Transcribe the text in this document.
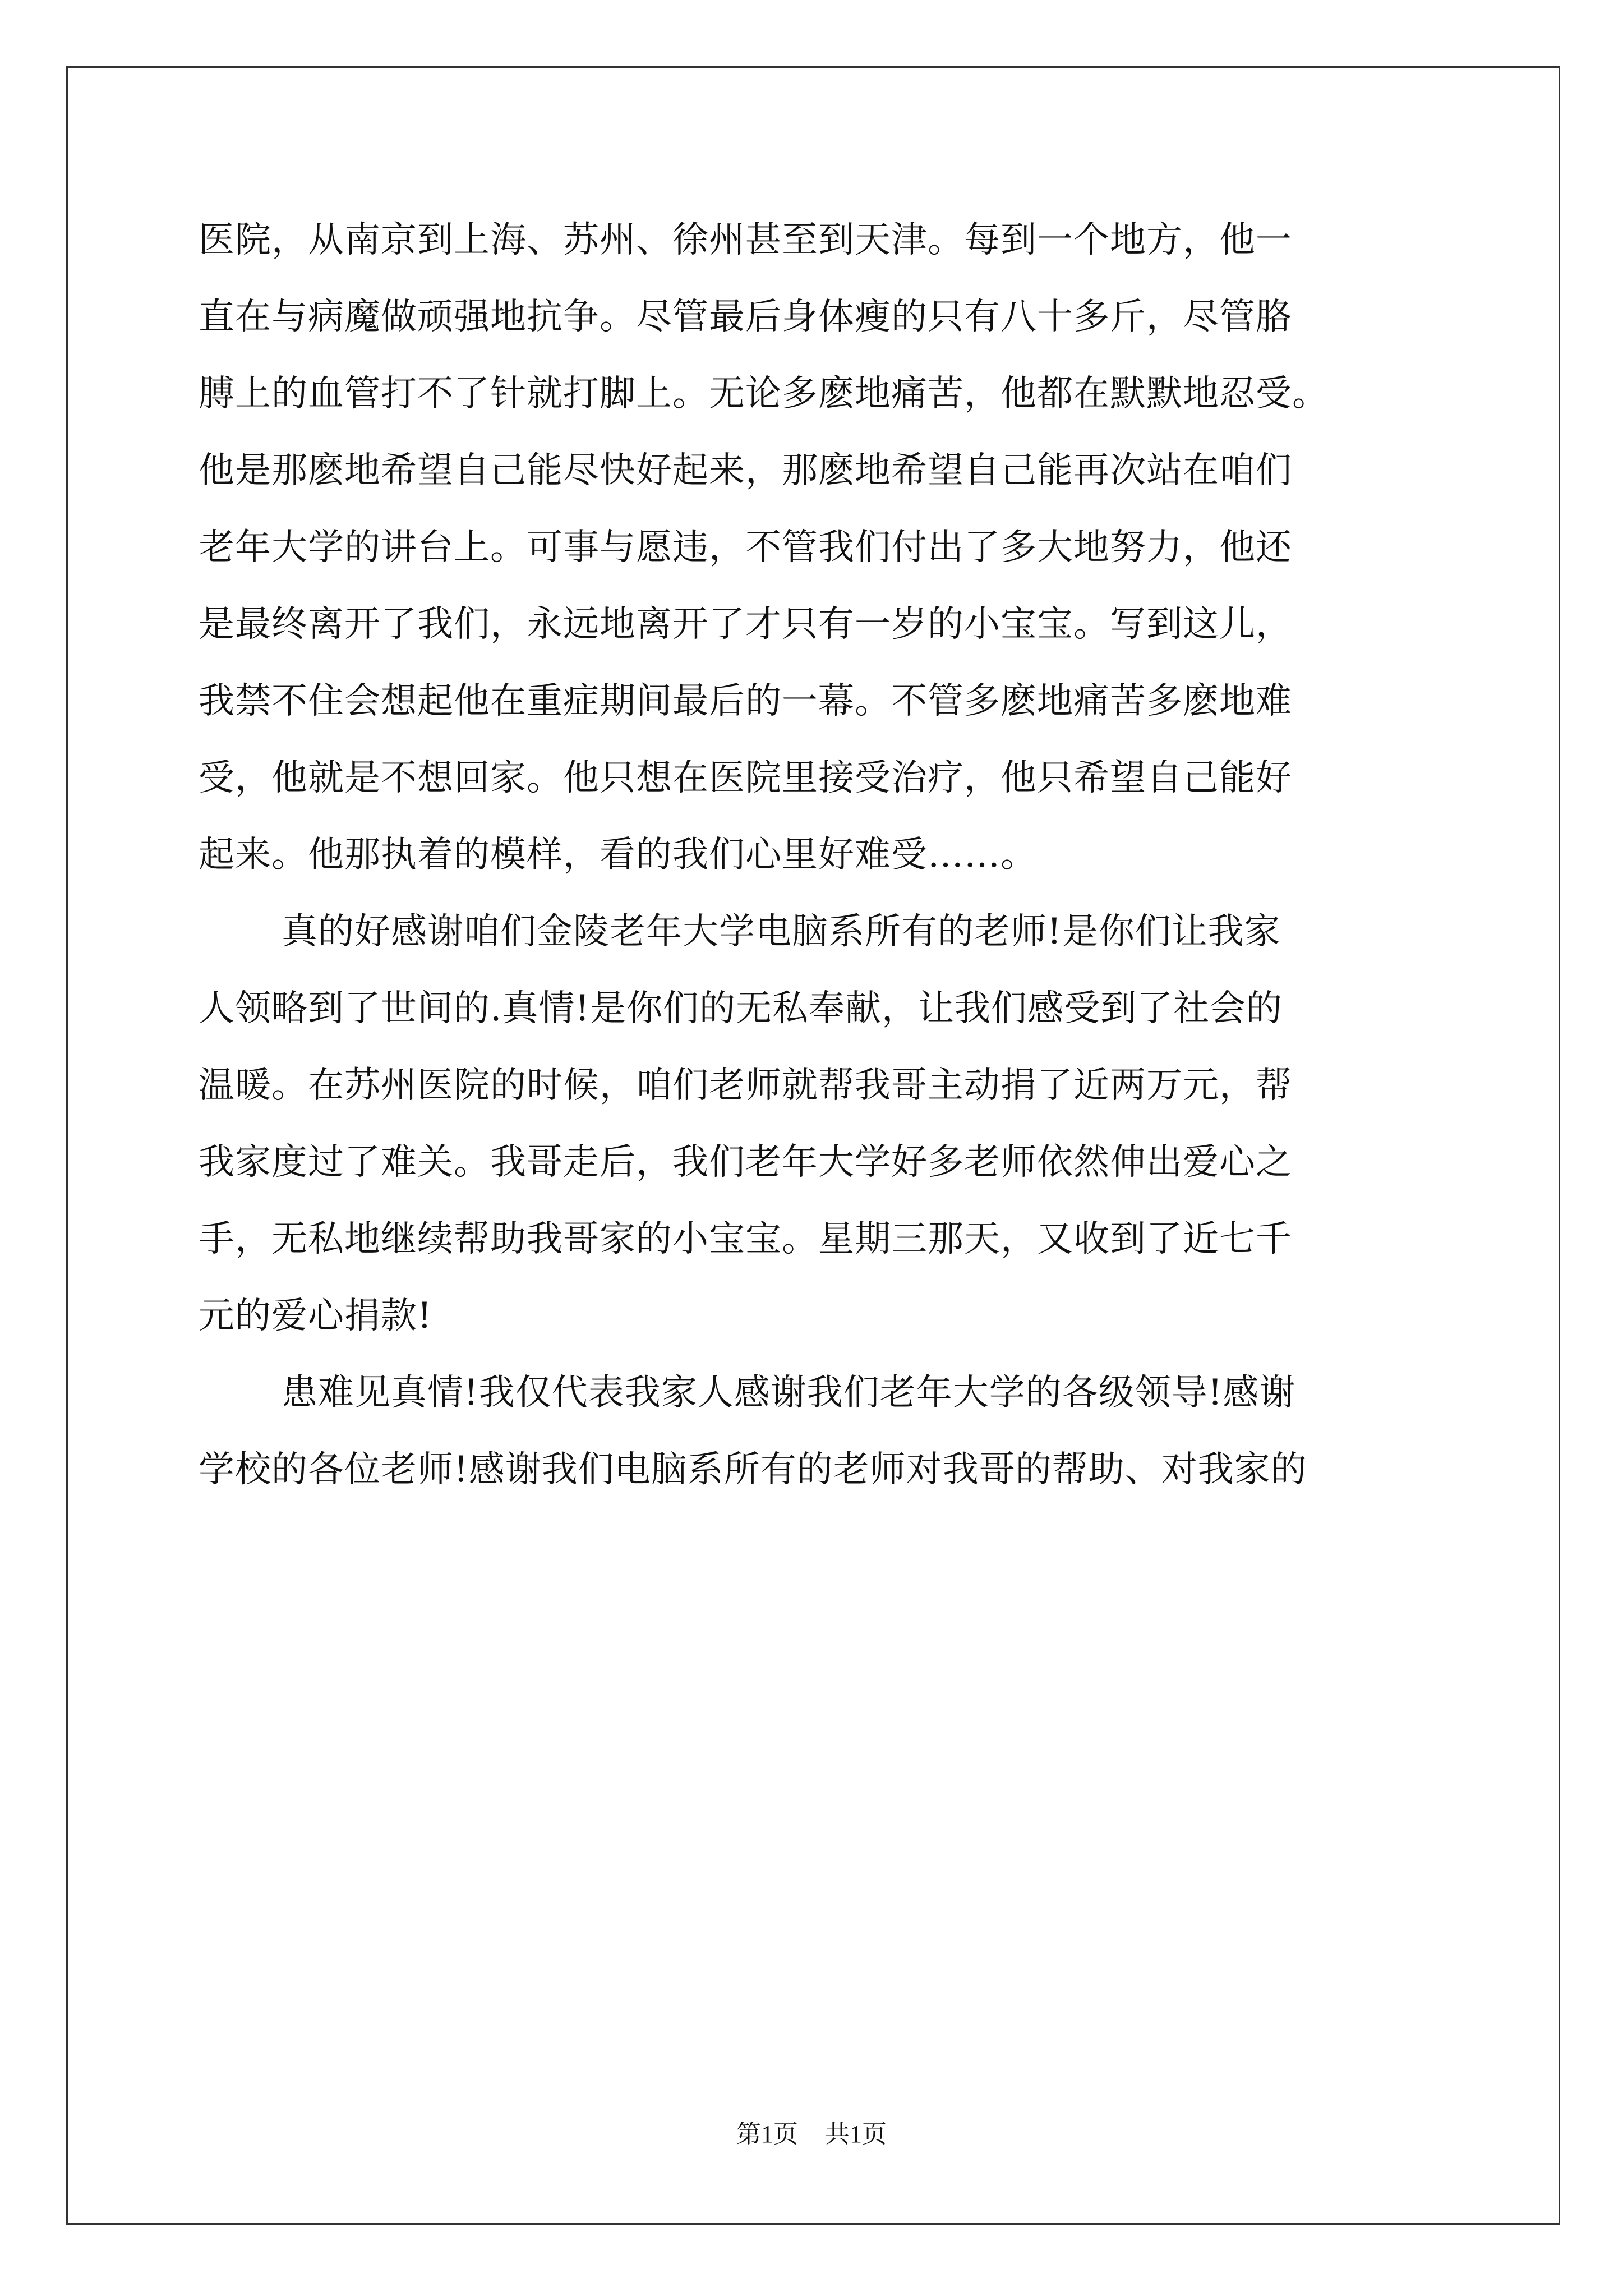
医院，从南京到上海、苏州、徐州甚至到天津。每到一个地方，他一
直在与病魔做顽强地抗争。尽管最后身体瘦的只有八十多斤，尽管胳
膊上的血管打不了针就打脚上。无论多麽地痛苦，他都在默默地忍受。
他是那麽地希望自己能尽快好起来，那麽地希望自己能再次站在咱们
老年大学的讲台上。可事与愿违，不管我们付出了多大地努力，他还
是最终离开了我们，永远地离开了才只有一岁的小宝宝。写到这儿，
我禁不住会想起他在重症期间最后的一幕。不管多麽地痛苦多麽地难
受，他就是不想回家。他只想在医院里接受治疗，他只希望自己能好
起来。他那执着的模样，看的我们心里好难受……。
真的好感谢咱们金陵老年大学电脑系所有的老师!是你们让我家
人领略到了世间的.真情!是你们的无私奉献，让我们感受到了社会的
温暖。在苏州医院的时候，咱们老师就帮我哥主动捐了近两万元，帮
我家度过了难关。我哥走后，我们老年大学好多老师依然伸出爱心之
手，无私地继续帮助我哥家的小宝宝。星期三那天，又收到了近七千
元的爱心捐款!
患难见真情!我仅代表我家人感谢我们老年大学的各级领导!感谢
学校的各位老师!感谢我们电脑系所有的老师对我哥的帮助、对我家的
第1页 共1页
